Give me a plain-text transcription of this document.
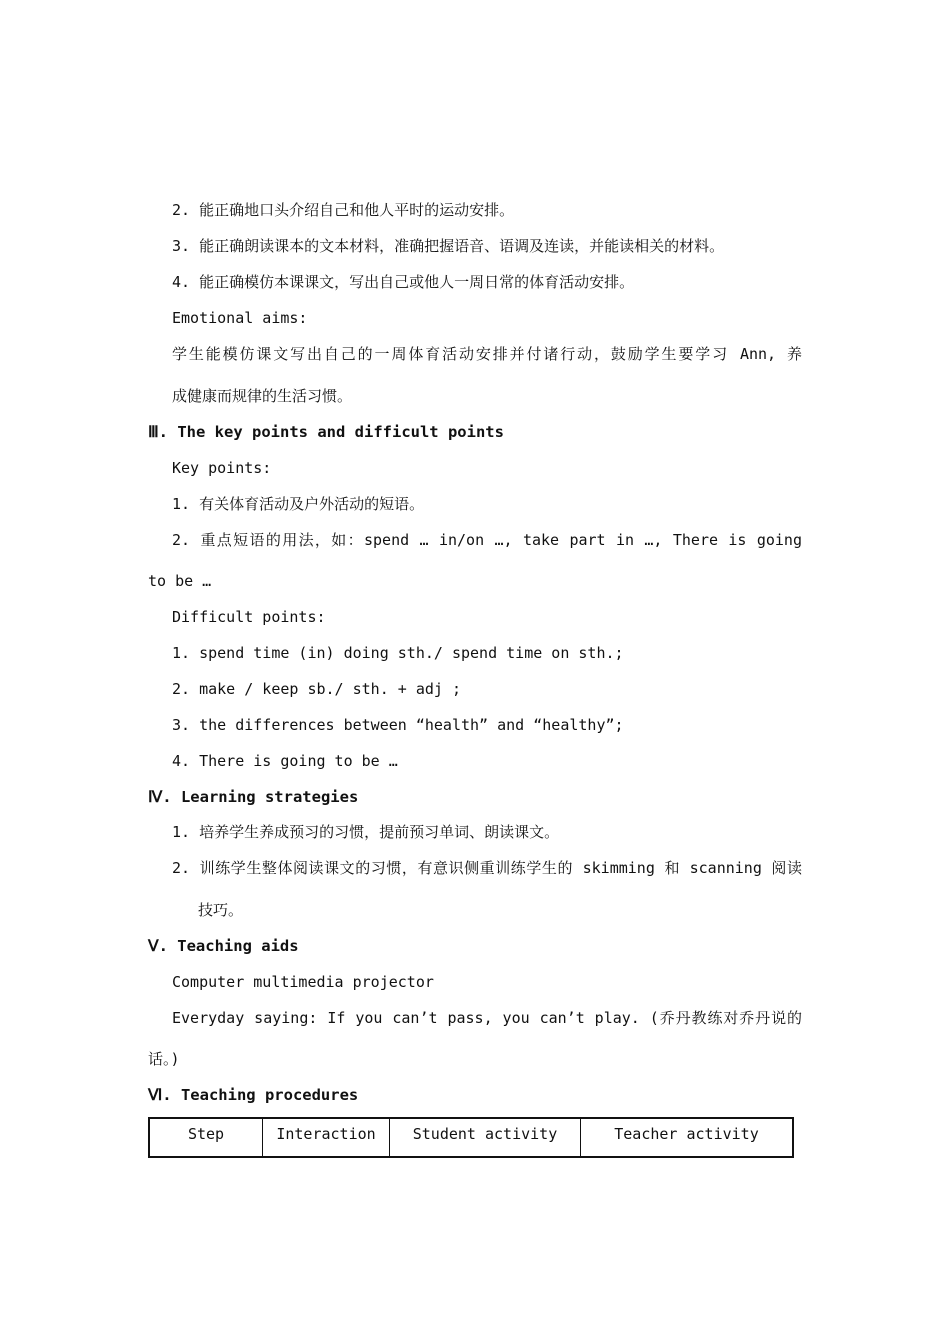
2. 能正确地口头介绍自己和他人平时的运动安排。
3. 能正确朗读课本的文本材料，准确把握语音、语调及连读，并能读相关的材料。
4. 能正确模仿本课课文，写出自己或他人一周日常的体育活动安排。
Emotional aims:
学生能模仿课文写出自己的一周体育活动安排并付诸行动，鼓励学生要学习 Ann, 养
成健康而规律的生活习惯。
Ⅲ. The key points and difficult points
Key points:
1. 有关体育活动及户外活动的短语。
2. 重点短语的用法，如：spend … in/on …, take part in …, There is going
to be …
Difficult points:
1. spend time (in) doing sth./ spend time on sth.;
2. make / keep sb./ sth. + adj ;
3. the differences between “health” and “healthy”;
4. There is going to be …
Ⅳ. Learning strategies
1. 培养学生养成预习的习惯，提前预习单词、朗读课文。
2. 训练学生整体阅读课文的习惯，有意识侧重训练学生的 skimming 和 scanning 阅读
技巧。
Ⅴ. Teaching aids
Computer multimedia projector
Everyday saying: If you can’t pass, you can’t play. (乔丹教练对乔丹说的
话。)
Ⅵ. Teaching procedures
Step	Interaction	Student activity	Teacher activity
